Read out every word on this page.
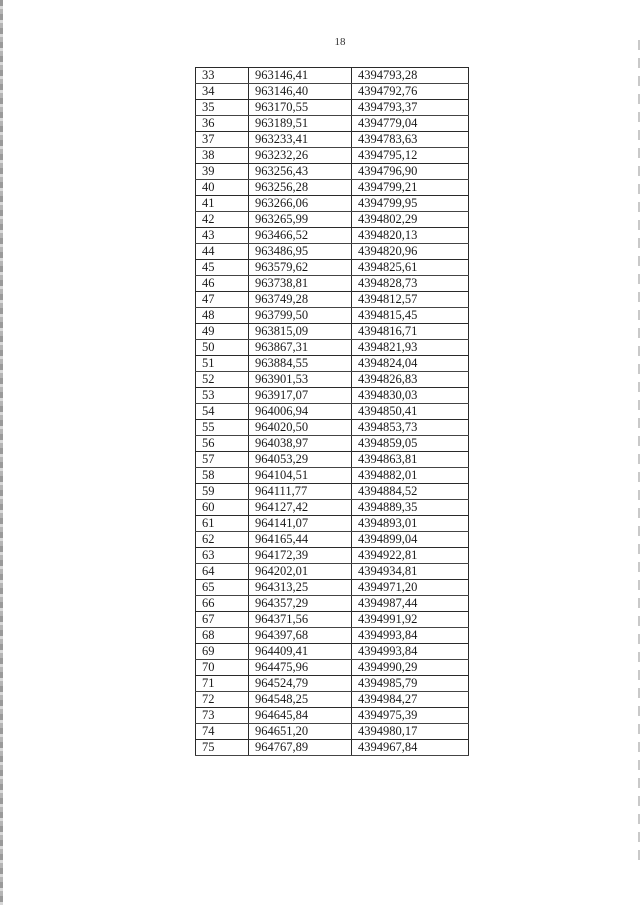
18
33	963146,41	4394793,28
34	963146,40	4394792,76
35	963170,55	4394793,37
36	963189,51	4394779,04
37	963233,41	4394783,63
38	963232,26	4394795,12
39	963256,43	4394796,90
40	963256,28	4394799,21
41	963266,06	4394799,95
42	963265,99	4394802,29
43	963466,52	4394820,13
44	963486,95	4394820,96
45	963579,62	4394825,61
46	963738,81	4394828,73
47	963749,28	4394812,57
48	963799,50	4394815,45
49	963815,09	4394816,71
50	963867,31	4394821,93
51	963884,55	4394824,04
52	963901,53	4394826,83
53	963917,07	4394830,03
54	964006,94	4394850,41
55	964020,50	4394853,73
56	964038,97	4394859,05
57	964053,29	4394863,81
58	964104,51	4394882,01
59	964111,77	4394884,52
60	964127,42	4394889,35
61	964141,07	4394893,01
62	964165,44	4394899,04
63	964172,39	4394922,81
64	964202,01	4394934,81
65	964313,25	4394971,20
66	964357,29	4394987,44
67	964371,56	4394991,92
68	964397,68	4394993,84
69	964409,41	4394993,84
70	964475,96	4394990,29
71	964524,79	4394985,79
72	964548,25	4394984,27
73	964645,84	4394975,39
74	964651,20	4394980,17
75	964767,89	4394967,84
